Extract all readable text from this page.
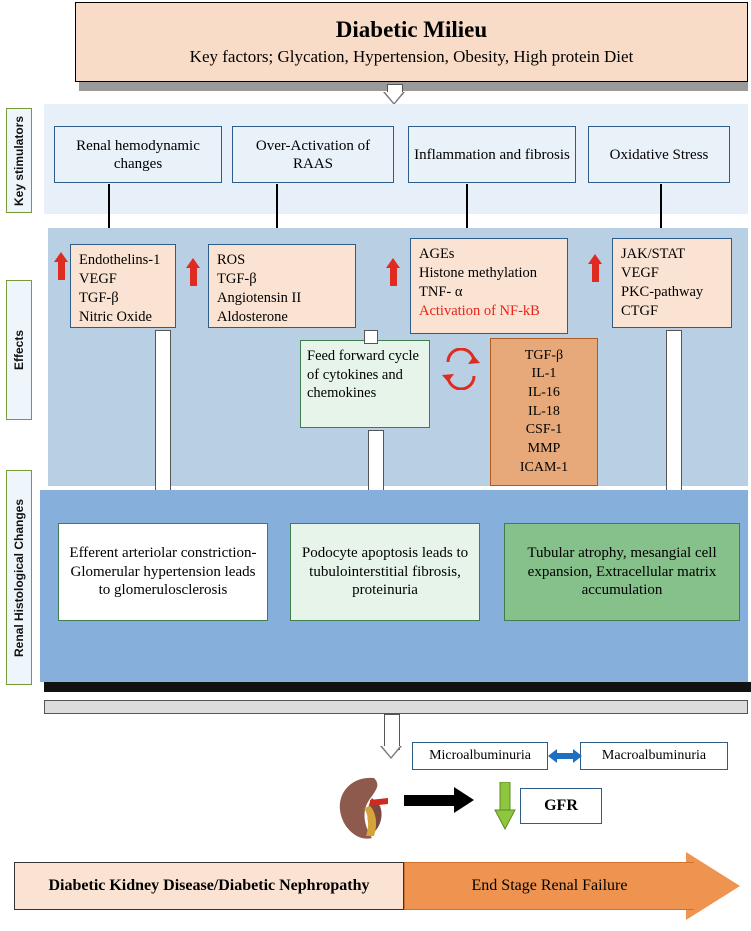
Diabetic Milieu
Key factors; Glycation, Hypertension, Obesity, High protein Diet
Key stimulators	Renal hemodynamic changes
Over-Activation of RAAS
Inflammation and fibrosis	Oxidative Stress
Effects
Endothelins-1
VEGF
TGF-β
Nitric Oxide
ROS
TGF-β
Angiotensin II
Aldosterone
AGEs
Histone methylation
TNF- α
Activation of NF-kB
JAK/STAT
VEGF
PKC-pathway
CTGF
Feed forward cycle of cytokines and chemokines
TGF-β
IL-1
IL-16
IL-18
CSF-1
MMP
ICAM-1
Renal Histological Changes	Efferent arteriolar constriction- Glomerular hypertension leads to glomerulosclerosis
Podocyte apoptosis leads to tubulointerstitial fibrosis, proteinuria
Tubular atrophy, mesangial cell expansion, Extracellular matrix accumulation
Microalbuminuria	Macroalbuminuria
GFR
End Stage Renal Failure
Diabetic Kidney Disease/Diabetic Nephropathy
